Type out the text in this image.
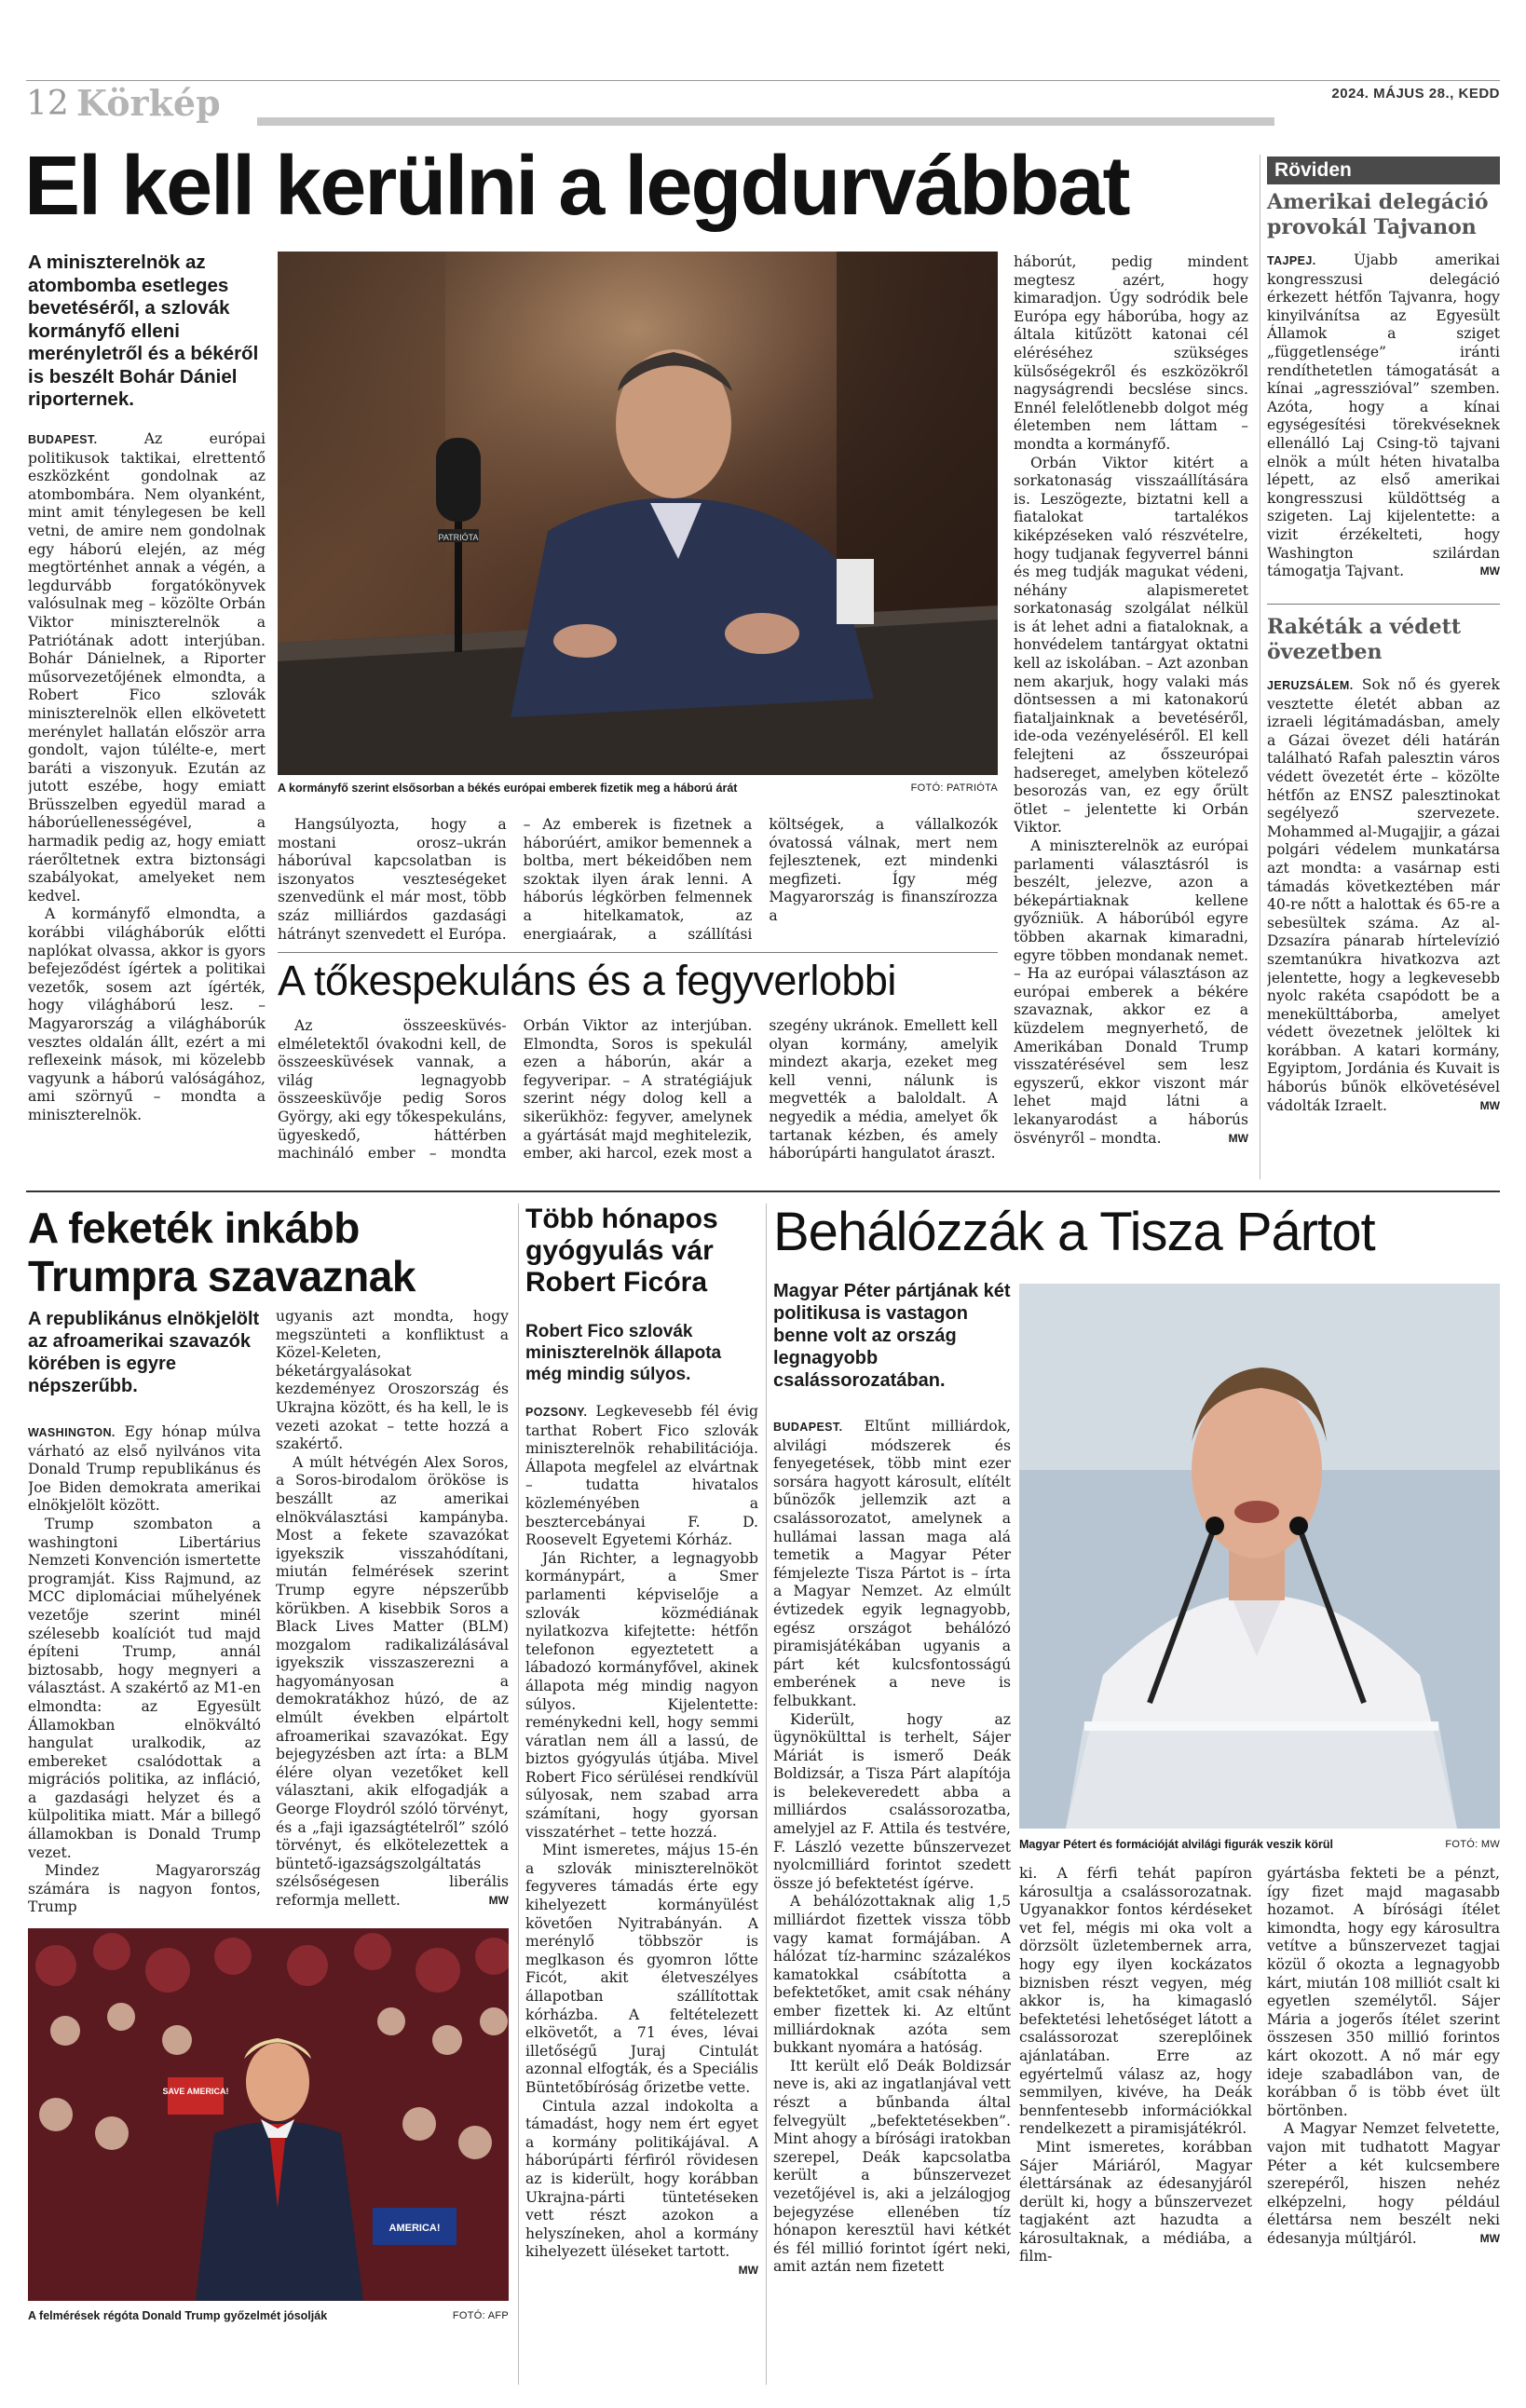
12 Körkép	2024. MÁJUS 28., KEDD
El kell kerülni a legdurvábbat
A miniszterelnök az atombomba esetleges bevetéséről, a szlovák kormányfő elleni merényletről és a békéről is beszélt Bohár Dániel riporternek.

BUDAPEST.	Az európai politikusok taktikai, elrettentő eszközként gondolnak az atombombára. Nem olyanként, mint amit ténylegesen be kell vetni, de amire nem gondolnak egy háború elején, az még megtörténhet annak a végén, a legdurvább forgatókönyvek valósulnak meg – közölte Orbán Viktor miniszterelnök a Patriótának adott interjúban. Bohár Dánielnek, a Riporter műsorvezetőjének elmondta, a Robert Fico szlovák miniszterelnök ellen elkövetett merénylet hallatán először arra gondolt, vajon túlélte-e, mert baráti a viszonyuk. Ezután az jutott eszébe, hogy emiatt Brüsszelben egyedül marad a háborúellenességével, a harmadik pedig az, hogy emiatt ráerőltetnek extra biztonsági szabályokat, amelyeket nem kedvel.

A kormányfő elmondta, a korábbi világháborúk előtti naplókat olvassa, akkor is gyors befejeződést ígértek a politikai vezetők, sosem azt ígérték, hogy világháború lesz. – Magyarország a világháborúk vesztes oldalán állt, ezért a mi reflexeink mások, mi közelebb vagyunk a háború valóságához, ami szörnyű – mondta a miniszterelnök.

PATRIÓTA
A kormányfő szerint elsősorban a békés európai emberek fizetik meg a háború árát	FOTÓ: PATRIÓTA

Hangsúlyozta, hogy a mostani orosz–ukrán háborúval kapcsolatban is iszonyatos veszteségeket szenvedünk el már most, több száz milliárdos gazdasági hátrányt szenvedett el Európa. – Az emberek is fizetnek a háborúért, amikor bemennek a boltba, mert békeidőben nem szoktak ilyen árak lenni. A háborús légkörben felmennek a hitelkamatok, az energiaárak, a szállítási költségek, a vállalkozók óvatossá válnak, mert nem fejlesztenek, ezt mindenki megfizeti. Így még Magyarország is finanszírozza a

háborút, pedig mindent megtesz azért, hogy kimaradjon. Úgy sodródik bele Európa egy háborúba, hogy az általa kitűzött katonai cél eléréséhez szükséges külsőségekről és eszközökről nagyságrendi becslése sincs. Ennél felelőtlenebb dolgot még életemben nem láttam – mondta a kormányfő.

Orbán Viktor kitért a sorkatonaság visszaállítására is. Leszögezte, biztatni kell a fiatalokat tartalékos kiképzéseken való részvételre, hogy tudjanak fegyverrel bánni és meg tudják magukat védeni, néhány alapismeretet sorkatonaság szolgálat nélkül is át lehet adni a fiataloknak, a honvédelem tantárgyat oktatni kell az iskolában. – Azt azonban nem akarjuk, hogy valaki más döntsessen a mi katonakorú fiataljainknak a bevetéséről, ide-oda vezényeléséről. El kell felejteni az ősszeurópai hadsereget, amelyben kötelező besorozás van, ez egy őrült ötlet – jelentette ki Orbán Viktor.

A miniszterelnök az európai parlamenti választásról is beszélt, jelezve, azon a békepártiaknak kellene győzniük. A háborúból egyre többen akarnak kimaradni, egyre többen mondanak nemet. – Ha az európai választáson az európai emberek a békére szavaznak, akkor ez a küzdelem megnyerhető, de Amerikában Donald Trump visszatérésével sem lesz egyszerű, ekkor viszont már lehet majd látni a lekanyarodást a háborús ösvényről – mondta.	MW

A tőkespekuláns és a fegyverlobbi

Az összeesküvés-elméletektől óvakodni kell, de összeesküvések vannak, a világ legnagyobb összeesküvője pedig Soros György, aki egy tőkespekuláns, ügyeskedő, háttérben machináló ember – mondta Orbán Viktor az interjúban. Elmondta, Soros is spekulál ezen a háborún, akár a fegyveripar. – A stratégiájuk szerint négy dolog kell a sikerükhöz: fegyver, amelynek a gyártását majd meghitelezik, ember, aki harcol, ezek most a szegény ukránok. Emellett kell olyan kormány, amelyik mindezt akarja, ezeket meg kell venni, nálunk is megvették a baloldalt. A negyedik a média, amelyet ők tartanak kézben, és amely háborúpárti hangulatot áraszt.

Röviden
Amerikai delegáció provokál Tajvanon

TAJPEJ.	Újabb amerikai kongresszusi delegáció érkezett hétfőn Tajvanra, hogy kinyilvánítsa az Egyesült Államok a sziget „függetlensége” iránti rendíthetetlen támogatását a kínai „agresszióval” szemben. Azóta, hogy a kínai egységesítési törekvéseknek ellenálló Laj Csing-tö tajvani elnök a múlt héten hivatalba lépett, az első amerikai kongresszusi küldöttség a szigeten. Laj kijelentette: a vizit érzékelteti, hogy Washington szilárdan támogatja Tajvant.	MW

Rakéták a védett övezetben

JERUZSÁLEM. Sok nő és gyerek vesztette életét abban az izraeli légitámadásban, amely a Gázai övezet déli határán található Rafah palesztin város védett övezetét érte – közölte hétfőn az ENSZ palesztinokat segélyező szervezete. Mohammed al-Mugajjir, a gázai polgári védelem munkatársa azt mondta: a vasárnap esti támadás következtében már 40-re nőtt a halottak és 65-re a sebesültek száma. Az al-Dzsazíra pánarab hírtelevízió szemtanúkra hivatkozva azt jelentette, hogy a legkevesebb nyolc rakéta csapódott be a menekülttáborba, amelyet védett övezetnek jelöltek ki korábban. A katari kormány, Egyiptom, Jordánia és Kuvait is háborús bűnök elkövetésével vádolták Izraelt.	MW

A feketék inkább Trumpra szavaznak
A republikánus elnökjelölt az afroamerikai szavazók körében is egyre népszerűbb.

WASHINGTON. Egy hónap múlva várható az első nyilvános vita Donald Trump republikánus és Joe Biden demokrata amerikai elnökjelölt között.

Trump szombaton a washingtoni Libertárius Nemzeti Konvención ismertette programját. Kiss Rajmund, az MCC diplomáciai műhelyének vezetője szerint minél szélesebb koalíciót tud majd építeni Trump, annál biztosabb, hogy megnyeri a választást. A szakértő az M1-en elmondta: az Egyesült Államokban elnökváltó hangulat uralkodik, az embereket csalódottak a migrációs politika, az infláció, a gazdasági helyzet és a külpolitika miatt. Már a billegő államokban is Donald Trump vezet.

Mindez Magyarország számára is nagyon fontos, Trump

ugyanis azt mondta, hogy megszünteti a konfliktust a Közel-Keleten, béketárgyalásokat kezdeményez Oroszország és Ukrajna között, és ha kell, le is vezeti azokat – tette hozzá a szakértő.

A múlt hétvégén Alex Soros, a Soros-birodalom örököse is beszállt az amerikai elnökválasztási kampányba. Most a fekete szavazókat igyekszik visszahódítani, miután felmérések szerint Trump egyre népszerűbb körükben. A kisebbik Soros a Black Lives Matter (BLM) mozgalom radikalizálásával igyekszik visszaszerezni a hagyományosan a demokratákhoz húzó, de az elmúlt években elpártolt afroamerikai szavazókat. Egy bejegyzésben azt írta: a BLM élére olyan vezetőket kell választani, akik elfogadják a George Floydról szóló törvényt, és a „faji igazságtételről” szóló törvényt, és elkötelezettek a büntető-igazságszolgáltatás szélsőségesen liberális reformja mellett.	MW

SAVE AMERICA!
AMERICA!
A felmérések régóta Donald Trump győzelmét jósolják	FOTÓ: AFP
Több hónapos gyógyulás vár Robert Ficóra
Robert Fico szlovák miniszterelnök állapota még mindig súlyos.

POZSONY. Legkevesebb fél évig tarthat Robert Fico szlovák miniszterelnök rehabilitációja. Állapota megfelel az elvártnak – tudatta hivatalos közleményében a besztercebányai F. D. Roosevelt Egyetemi Kórház.

Ján Richter, a legnagyobb kormánypárt, a Smer parlamenti képviselője a szlovák közmédiának nyilatkozva kifejtette: hétfőn telefonon egyeztetett a lábadozó kormányfővel, akinek állapota még mindig nagyon súlyos. Kijelentette: reménykedni kell, hogy semmi váratlan nem áll a lassú, de biztos gyógyulás útjába. Mivel Robert Fico sérülései rendkívül súlyosak, nem szabad arra számítani, hogy gyorsan visszatérhet – tette hozzá.

Mint ismeretes, május 15-én a szlovák miniszterelnököt fegyveres támadás érte egy kihelyezett kormányülést követően Nyitrabányán. A merénylő többször is meglkason és gyomron lőtte Ficót, akit életveszélyes állapotban szállítottak kórházba. A feltételezett elkövetőt, a 71 éves, lévai illetőségű Juraj Cintulát azonnal elfogták, és a Speciális Büntetőbíróság őrizetbe vette.

Cintula azzal indokolta a támadást, hogy nem ért egyet a kormány politikájával. A háborúpárti férfiról rövidesen az is kiderült, hogy korábban Ukrajna-párti tüntetéseken vett részt azokon a helyszíneken, ahol a kormány kihelyezett üléseket tartott.
MW

Behálózzák a Tisza Pártot
Magyar Péter pártjának két politikusa is vastagon benne volt az ország legnagyobb csalássorozatában.

BUDAPEST. Eltűnt milliárdok, alvilági módszerek és fenyegetések, több mint ezer sorsára hagyott károsult, elítélt bűnözők jellemzik azt a csalássorozatot, amelynek a hullámai lassan maga alá temetik a Magyar Péter fémjelezte Tisza Pártot is – írta a Magyar Nemzet. Az elmúlt évtizedek egyik legnagyobb, egész országot behálózó piramisjátékában ugyanis a párt két kulcsfontosságú emberének a neve is felbukkant.

Kiderült, hogy az ügynökülttal is terhelt, Sájer Máriát is ismerő Deák Boldizsár, a Tisza Párt alapítója is belekeveredett abba a milliárdos csalássorozatba, amelyjel az F. Attila és testvére, F. László vezette bűnszervezet nyolcmilliárd forintot szedett össze jó befektetést ígérve.

A behálózottaknak alig 1,5 milliárdot fizettek vissza több vagy kamat formájában. A hálózat tíz-harminc százalékos kamatokkal csábította a befektetőket, amit csak néhány ember fizettek ki. Az eltűnt milliárdoknak azóta sem bukkant nyomára a hatóság.

Itt került elő Deák Boldizsár neve is, aki az ingatlanjával vett részt a bűnbanda által felvegyült „befektetésekben”. Mint ahogy a bírósági iratokban szerepel, Deák kapcsolatba került a bűnszervezet vezetőjével is, aki a jelzálogjog bejegyzése ellenében tíz hónapon keresztül havi kétkét és fél millió forintot ígért neki, amit aztán nem fizetett

Magyar Pétert és formációját alvilági figurák veszik körül	FOTÓ: MW

ki. A férfi tehát papíron károsultja a csalássorozatnak. Ugyanakkor fontos kérdéseket vet fel, mégis mi oka volt a dörzsölt üzletembernek arra, hogy egy ilyen kockázatos biznisben részt vegyen, még akkor is, ha kimagasló befektetési lehetőséget látott a csalássorozat szereplőinek ajánlatában. Erre az egyértelmű válasz az, hogy semmilyen, kivéve, ha Deák bennfentesebb információkkal rendelkezett a piramisjátékról.

Mint ismeretes, korábban Sájer Máriáról, Magyar élettársának az édesanyjáról derült ki, hogy a bűnszervezet tagjaként azt hazudta a károsultaknak, a médiába, a film-

gyártásba fekteti be a pénzt, így fizet majd magasabb hozamot. A bírósági ítélet kimondta, hogy egy károsultra vetítve a bűnszervezet tagjai közül ő okozta a legnagyobb kárt, miután 108 milliót csalt ki egyetlen személytől. Sájer Mária a jogerős ítélet szerint összesen 350 millió forintos kárt okozott. A nő már egy ideje szabadlábon van, de korábban ő is több évet ült börtönben.

A Magyar Nemzet felvetette, vajon mit tudhatott Magyar Péter a két kulcsembere szerepéről, hiszen nehéz elképzelni, hogy például élettársa nem beszélt neki édesanyja múltjáról.	MW
